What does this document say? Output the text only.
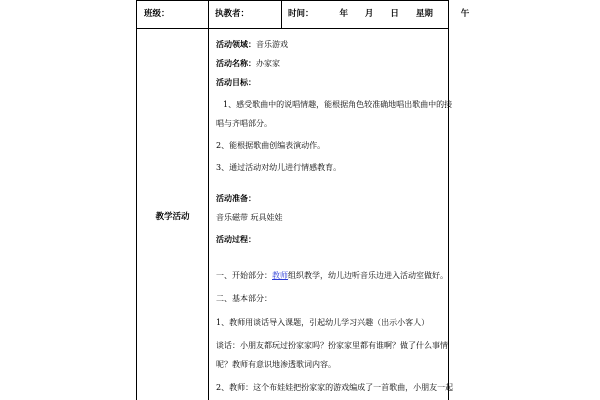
班级：	执教者：	时间：	年 月 日 星期	午
教学活动
活动领域：音乐游戏
活动名称：办家家
活动目标：
1、感受歌曲中的说唱情趣，能根据角色较准确地唱出歌曲中的接
唱与齐唱部分。
2、能根据歌曲创编表演动作。
3、通过活动对幼儿进行情感教育。
活动准备：
音乐磁带 玩具娃娃
活动过程：
一、开始部分：教师组织教学，幼儿边听音乐边进入活动室做好。
二、基本部分：
1、教师用谈话导入课题，引起幼儿学习兴趣（出示小客人）
谈话：小朋友都玩过扮家家吗？扮家家里都有谁啊？做了什么事情
呢？教师有意识地渗透歌词内容。
2、教师：这个布娃娃把扮家家的游戏编成了一首歌曲，小朋友一起
